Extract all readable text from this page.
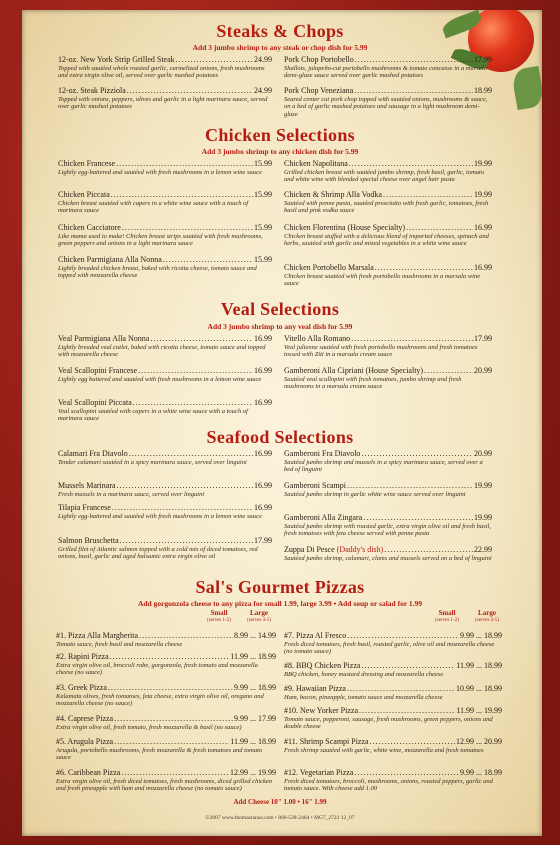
Steaks & Chops
Add 3 jumbo shrimp to any steak or chop dish for 5.99
12-oz. New York Strip Grilled Steak .....	24.99
Topped with sautéed whole roasted garlic, carmelized onions, fresh mushrooms and extra virgin olive oil, served over garlic mashed potatoes
12-oz. Steak Pizziola .....	24.99
Topped with onions, peppers, olives and garlic in a light marinara sauce, served over garlic mashed potatoes
Pork Chop Portobello .....	17.99
Shallots, jalapeño-cut portobello mushrooms & tomato concasse in a marsala demi-glaze sauce served over garlic mashed potatoes
Pork Chop Veneziana .....	18.99
Seared center cut pork chop topped with sautéed onions, mushrooms & sauce, on a bed of garlic mashed potatoes and sausage in a light mushroom demi-glaze
Chicken Selections
Add 3 jumbo shrimp to any chicken dish for 5.99
Chicken Francese .....	15.99
Lightly egg-battered and sautéed with fresh mushrooms in a lemon wine sauce
Chicken Piccata .....	15.99
Chicken breast sautéed with capers in a white wine sauce with a touch of marinara sauce
Chicken Cacciatore .....	15.99
Like mama used to make! Chicken breast strips sautéed with fresh mushrooms, green peppers and onions in a light marinara sauce
Chicken Parmigiana Alla Nonna .....	15.99
Lightly breaded chicken breast, baked with ricotta cheese, tomato sauce and topped with mozzarella cheese
Chicken Napolitana .....	19.99
Grilled chicken breast with sautéed jumbo shrimp, fresh basil, garlic, tomato and white wine with blended special cheese over angel hair pasta
Chicken & Shrimp Alla Vodka .....	19.99
Sautéed with penne pasta, sautéed prosciutto with fresh garlic, tomatoes, fresh basil and pink vodka sauce
Chicken Florentina (House Specialty) .....	16.99
Chicken breast stuffed with a delicious blend of imported cheeses, spinach and herbs, sautéed with garlic and mixed vegetables in a white wine sauce
Chicken Portobello Marsala .....	16.99
Chicken breast sautéed with fresh portobello mushrooms in a marsala wine sauce
Veal Selections
Add 3 jumbo shrimp to any veal dish for 5.99
Veal Parmigiana Alla Nonna .....	16.99
Lightly breaded veal cutlet, baked with ricotta cheese, tomato sauce and topped with mozzarella cheese
Veal Scallopini Francese .....	16.99
Lightly egg battered and sautéed with fresh mushrooms in a lemon wine sauce
Veal Scallopini Piccata .....	16.99
Veal scallopini sautéed with capers in a white wine sauce with a touch of marinara sauce
Vitello Alla Romano .....	17.99
Veal julienne sautéed with fresh portobello mushrooms and fresh tomatoes tossed with Ziti in a marsala cream sauce
Gamberoni Alla Cipriani (House Specialty) .....	20.99
Sautéed veal scallopini with fresh tomatoes, jumbo shrimp and fresh mushrooms in a marsala cream sauce
Seafood Selections
Calamari Fra Diavolo .....	16.99
Tender calamari sautéed in a spicy marinara sauce, served over linguini
Mussels Marinara .....	16.99
Fresh mussels in a marinara sauce, served over linguini
Tilapia Francese .....	16.99
Lightly egg-battered and sautéed with fresh mushrooms in a lemon wine sauce
Salmon Bruschetta .....	17.99
Grilled filet of Atlantic salmon topped with a cold mix of diced tomatoes, red onions, basil, garlic and aged balsamic extra virgin olive oil
Gamberoni Fra Diavolo .....	20.99
Sautéed jumbo shrimp and mussels in a spicy marinara sauce, served over a bed of linguini
Gamberoni Scampi .....	19.99
Sautéed jumbo shrimp in garlic white wine sauce served over linguini
Gamberoni Alla Zingara .....	19.99
Sautéed jumbo shrimp with roasted garlic, extra virgin olive oil and fresh basil, fresh tomatoes with feta cheese served with penne pasta
Zuppa Di Pesce (Daddy's dish) .....	22.99
Sautéed jumbo shrimp, calamari, clams and mussels served on a bed of linguini
Sal's Gourmet Pizzas
Add gorgonzola cheese to any pizza for small 1.99, large 3.99 • Add soup or salad for 1.99
Small
(serves 1-2)
Large
(serves 4-5)
Small
(serves 1-2)
Large
(serves 4-5)
#1. Pizza Alla Margherita .....	8.99 ... 14.99
Tomato sauce, fresh basil and mozzarella cheese
#2. Rapini Pizza .....	11.99 ... 18.99
Extra virgin olive oil, broccoli rabe, gorgonzola, fresh tomato and mozzarella cheese (no sauce)
#3. Greek Pizza .....	9.99 ... 18.99
Kalamata olives, fresh tomatoes, feta cheese, extra virgin olive oil, oregano and mozzarella cheese (no sauce)
#4. Caprese Pizza .....	9.99 ... 17.99
Extra virgin olive oil, fresh tomato, fresh mozzarella & basil (no sauce)
#5. Arugula Pizza .....	11.99 ... 18.99
Arugula, portobello mushrooms, fresh mozzarella & fresh tomatoes and tomato sauce
#6. Caribbean Pizza .....	12.99 ... 19.99
Extra virgin olive oil, fresh diced tomatoes, fresh mushrooms, diced grilled chicken and fresh pineapple with ham and mozzarella cheese (no tomato sauce)
#7. Pizza Al Fresco .....	9.99 ... 18.99
Fresh diced tomatoes, fresh basil, roasted garlic, olive oil and mozzarella cheese (no tomato sauce)
#8. BBQ Chicken Pizza .....	11.99 ... 18.99
BBQ chicken, honey mustard dressing and mozzarella cheese
#9. Hawaiian Pizza .....	10.99 ... 18.99
Ham, bacon, pineapple, tomato sauce and mozzarella cheese
#10. New Yorker Pizza .....	11.99 ... 19.99
Tomato sauce, pepperoni, sausage, fresh mushrooms, green peppers, onions and double cheese
#11. Shrimp Scampi Pizza .....	12.99 ... 20.99
Fresh shrimp sautéed with garlic, white wine, mozzarella and fresh tomatoes
#12. Vegetarian Pizza .....	9.99 ... 18.99
Fresh diced tomatoes, broccoli, mushrooms, onions, roasted peppers, garlic and tomato sauce. With cheese add 1.00
Add Cheese 10" 1.00 • 16" 1.99
©2007 www.thomasranso.com • 866-538-2464 • MG7_2722 12_07
